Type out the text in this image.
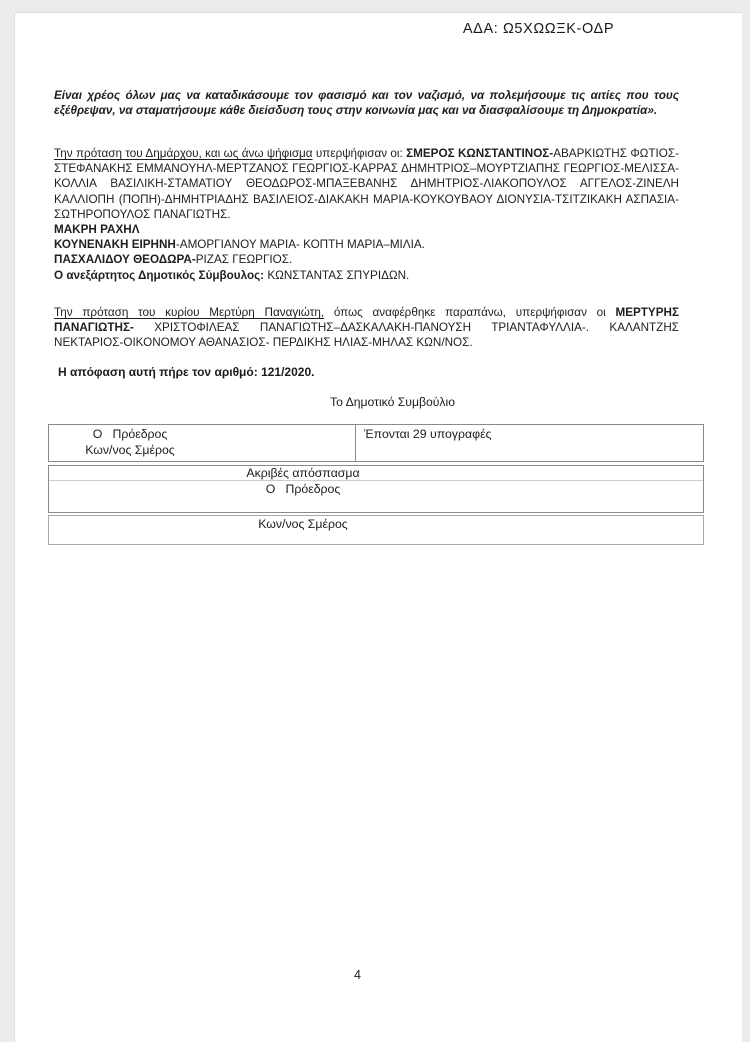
ΑΔΑ: Ω5ΧΩΩΞΚ-ΟΔΡ

Είναι χρέος όλων μας να καταδικάσουμε τον φασισμό και τον ναζισμό, να πολεμήσουμε τις αιτίες που τους εξέθρεψαν, να σταματήσουμε κάθε διείσδυση τους στην κοινωνία μας και να διασφαλίσουμε τη Δημοκρατία».

Την πρόταση του Δημάρχου, και ως άνω ψήφισμα υπερψήφισαν οι: ΣΜΕΡΟΣ ΚΩΝΣΤΑΝΤΙΝΟΣ-ΑΒΑΡΚΙΩΤΗΣ ΦΩΤΙΟΣ-ΣΤΕΦΑΝΑΚΗΣ ΕΜΜΑΝΟΥΗΛ-ΜΕΡΤΖΑΝΟΣ ΓΕΩΡΓΙΟΣ-ΚΑΡΡΑΣ ΔΗΜΗΤΡΙΟΣ–ΜΟΥΡΤΖΙΑΠΗΣ ΓΕΩΡΓΙΟΣ-ΜΕΛΙΣΣΑ-ΚΟΛΛΙΑ ΒΑΣΙΛΙΚΗ-ΣΤΑΜΑΤΙΟΥ ΘΕΟΔΩΡΟΣ-ΜΠΑΞΕΒΑΝΗΣ ΔΗΜΗΤΡΙΟΣ-ΛΙΑΚΟΠΟΥΛΟΣ ΑΓΓΕΛΟΣ-ΖΙΝΕΛΗ ΚΑΛΛΙΟΠΗ (ΠΟΠΗ)-ΔΗΜΗΤΡΙΑΔΗΣ ΒΑΣΙΛΕΙΟΣ-ΔΙΑΚΑΚΗ ΜΑΡΙΑ-ΚΟΥΚΟΥΒΑΟΥ ΔΙΟΝΥΣΙΑ-ΤΣΙΤΖΙΚΑΚΗ ΑΣΠΑΣΙΑ-ΣΩΤΗΡΟΠΟΥΛΟΣ ΠΑΝΑΓΙΩΤΗΣ.

ΜΑΚΡΗ ΡΑΧΗΛ
ΚΟΥΝΕΝΑΚΗ ΕΙΡΗΝΗ-ΑΜΟΡΓΙΑΝΟΥ ΜΑΡΙΑ- ΚΟΠΤΗ ΜΑΡΙΑ–ΜΙΛΙΑ.
ΠΑΣΧΑΛΙΔΟΥ ΘΕΟΔΩΡΑ-ΡΙΖΑΣ ΓΕΩΡΓΙΟΣ.
Ο ανεξάρτητος Δημοτικός Σύμβουλος: ΚΩΝΣΤΑΝΤΑΣ ΣΠΥΡΙΔΩΝ.

Την πρόταση του κυρίου Μερτύρη Παναγιώτη, όπως αναφέρθηκε παραπάνω, υπερψήφισαν οι ΜΕΡΤΥΡΗΣ ΠΑΝΑΓΙΩΤΗΣ- ΧΡΙΣΤΟΦΙΛΕΑΣ ΠΑΝΑΓΙΩΤΗΣ–ΔΑΣΚΑΛΑΚΗ-ΠΑΝΟΥΣΗ ΤΡΙΑΝΤΑΦΥΛΛΙΑ-. ΚΑΛΑΝΤΖΗΣ ΝΕΚΤΑΡΙΟΣ-ΟΙΚΟΝΟΜΟΥ ΑΘΑΝΑΣΙΟΣ- ΠΕΡΔΙΚΗΣ ΗΛΙΑΣ-ΜΗΛΑΣ ΚΩΝ/ΝΟΣ.

Η απόφαση αυτή πήρε τον αριθμό: 121/2020.
Το Δημοτικό Συμβούλιο
Ο   Πρόεδρος
Κων/νος Σμέρος
Έπονται 29 υπογραφές
Ακριβές απόσπασμα
Ο   Πρόεδρος
Κων/νος Σμέρος
4
